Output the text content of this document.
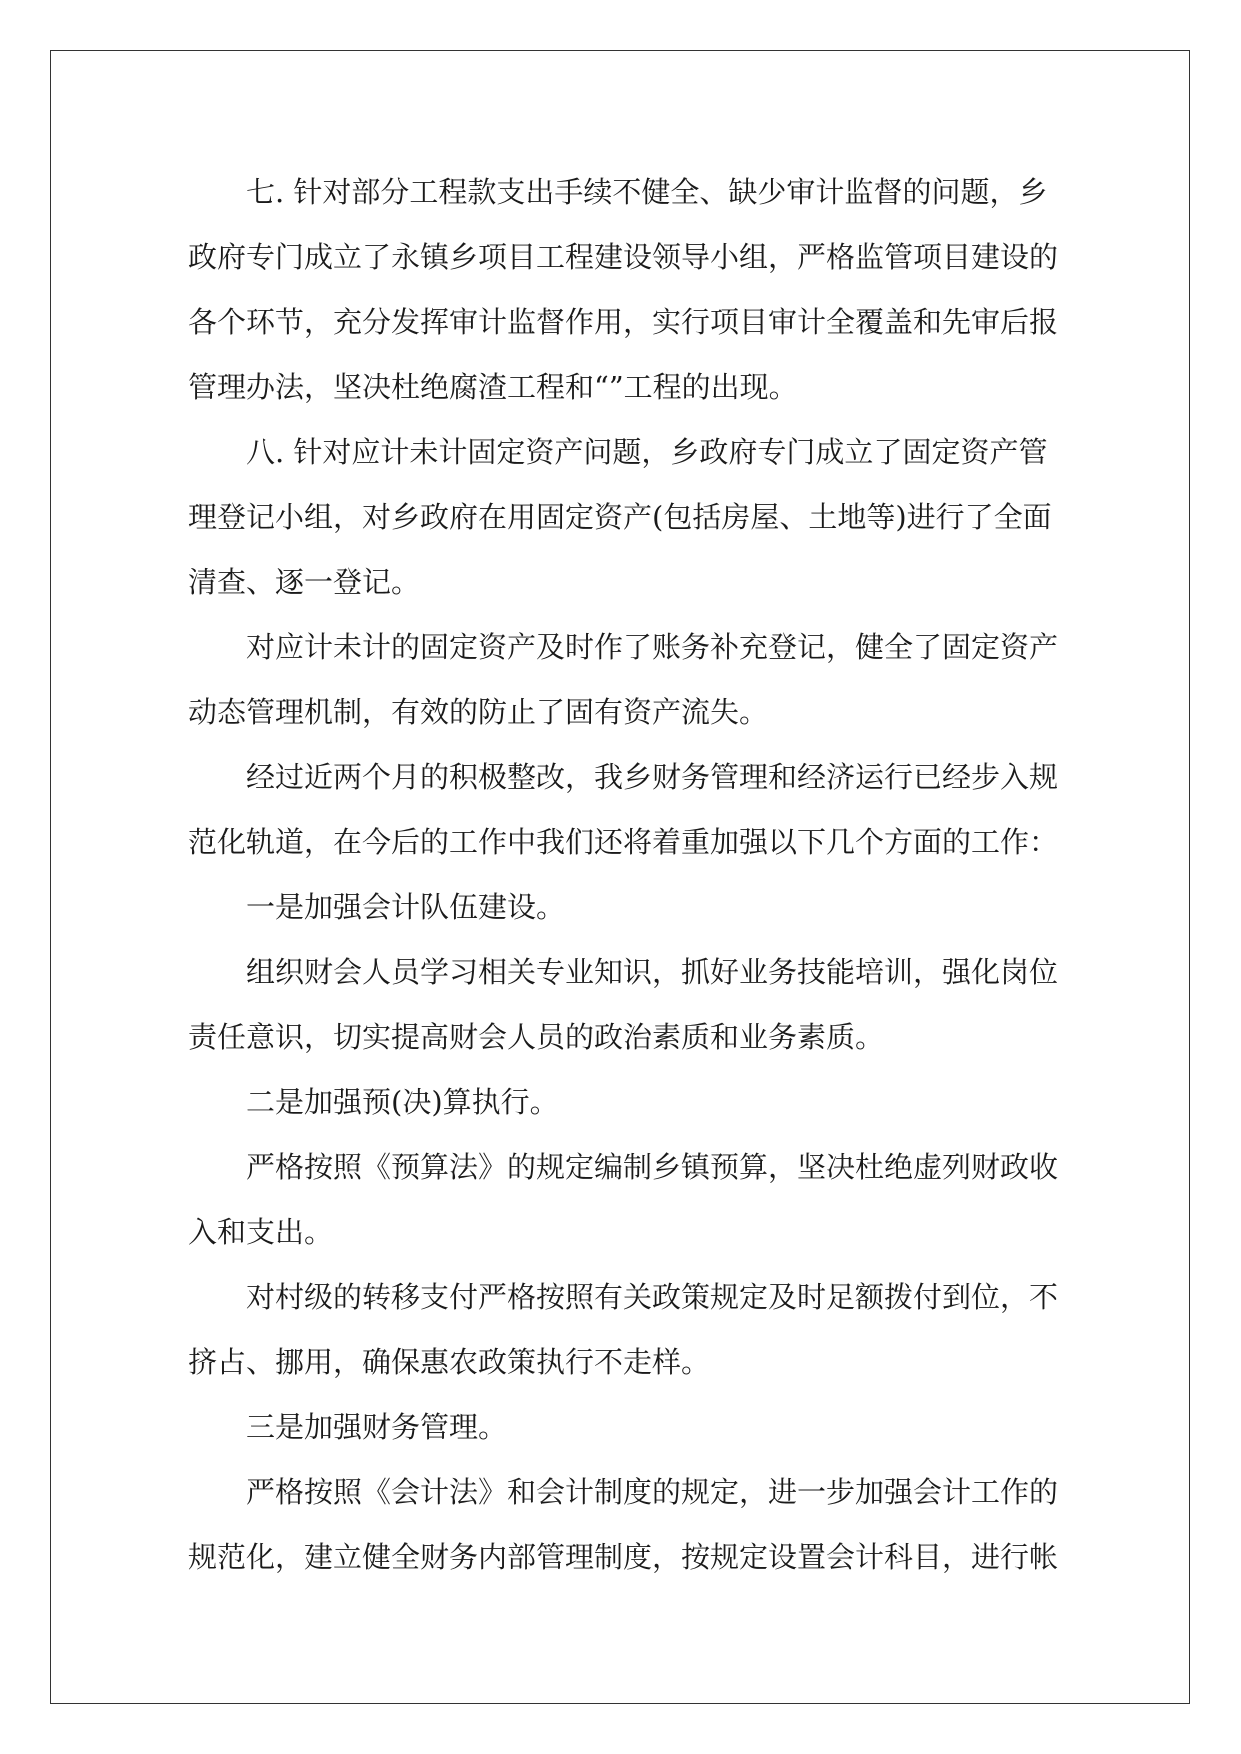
七. 针对部分工程款支出手续不健全、缺少审计监督的问题，乡
政府专门成立了永镇乡项目工程建设领导小组，严格监管项目建设的
各个环节，充分发挥审计监督作用，实行项目审计全覆盖和先审后报
管理办法，坚决杜绝腐渣工程和“”工程的出现。
八. 针对应计未计固定资产问题，乡政府专门成立了固定资产管
理登记小组，对乡政府在用固定资产(包括房屋、土地等)进行了全面
清查、逐一登记。
对应计未计的固定资产及时作了账务补充登记，健全了固定资产
动态管理机制，有效的防止了固有资产流失。
经过近两个月的积极整改，我乡财务管理和经济运行已经步入规
范化轨道，在今后的工作中我们还将着重加强以下几个方面的工作：
一是加强会计队伍建设。
组织财会人员学习相关专业知识，抓好业务技能培训，强化岗位
责任意识，切实提高财会人员的政治素质和业务素质。
二是加强预(决)算执行。
严格按照《预算法》的规定编制乡镇预算，坚决杜绝虚列财政收
入和支出。
对村级的转移支付严格按照有关政策规定及时足额拨付到位，不
挤占、挪用，确保惠农政策执行不走样。
三是加强财务管理。
严格按照《会计法》和会计制度的规定，进一步加强会计工作的
规范化，建立健全财务内部管理制度，按规定设置会计科目，进行帐
